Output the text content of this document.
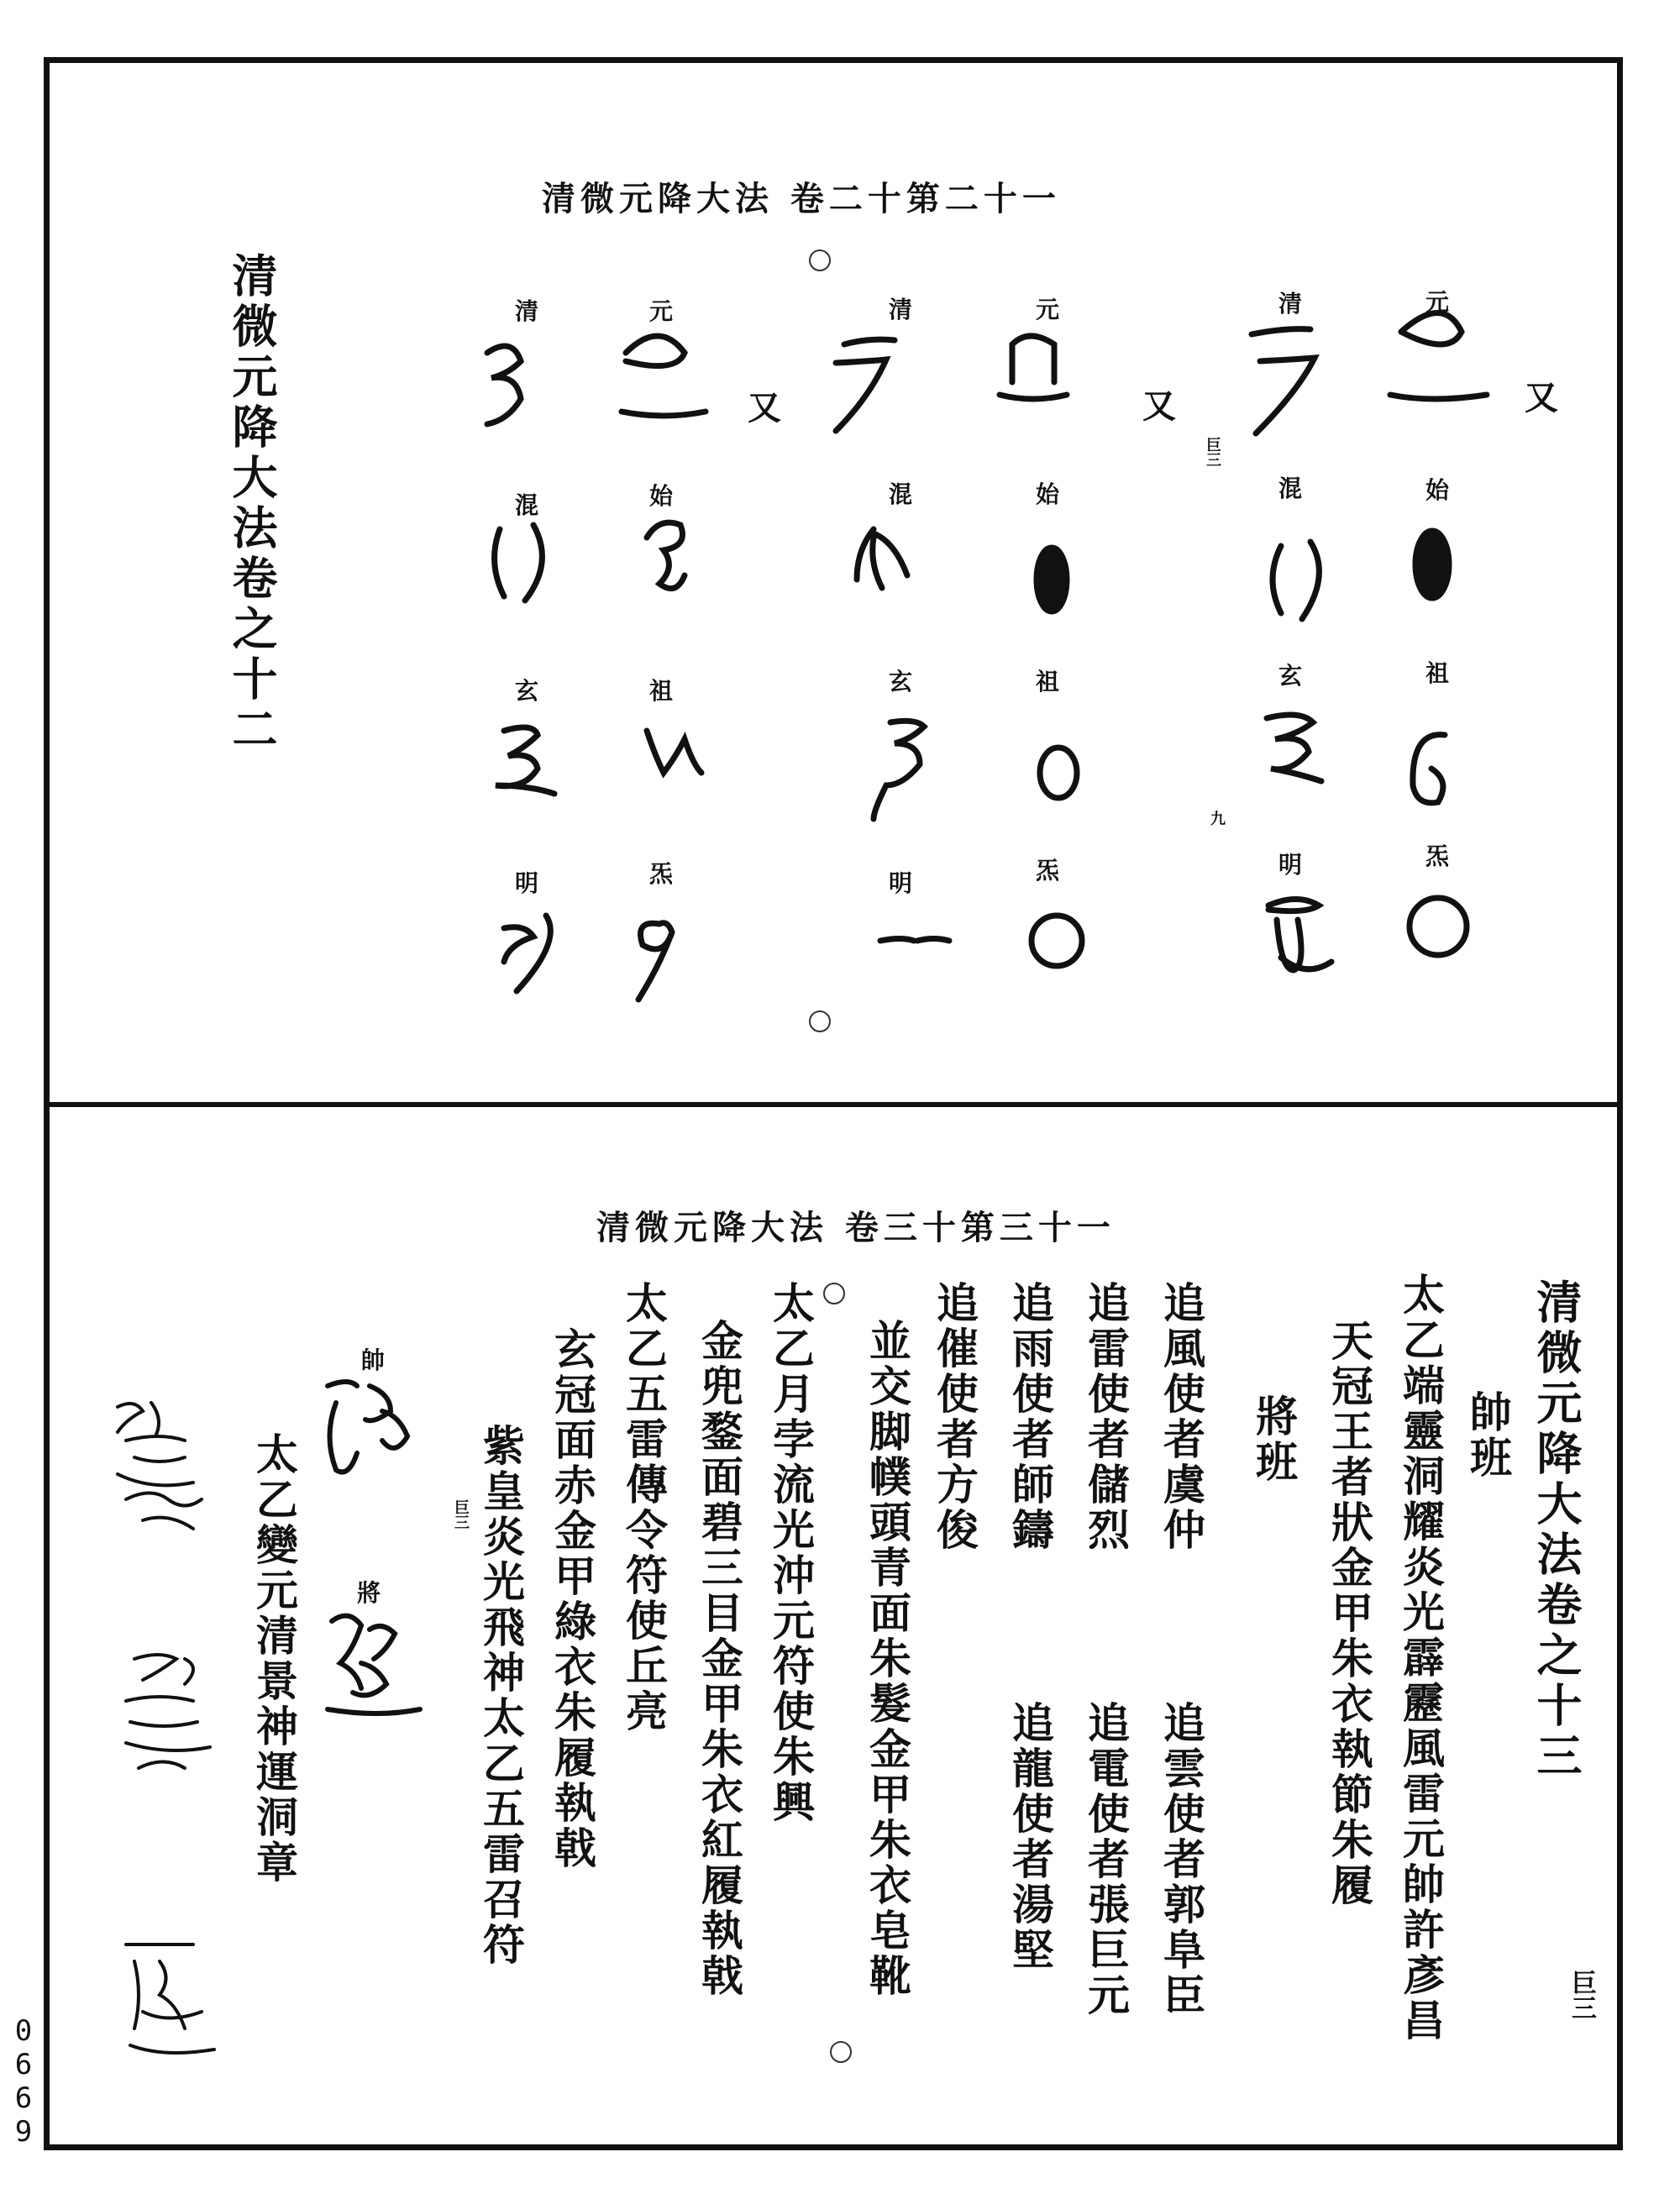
清微元降大法 卷二十第二十一
清微元降大法卷之十二	又
又
又
元
清
元
清
元
清
始
混
始
混
始
混
祖
玄
祖
玄
祖
玄
炁
明
炁
明
炁
明
巨三
九
清微元降大法 卷三十第三十一
清微元降大法卷之十三
太乙端靈洞耀炎光霹靂風雷元帥許彥昌 帥班
天冠王者狀金甲朱衣執節朱履
將班
追風使者虞仲
追雲使者郭阜臣
追雷使者儲烈
追電使者張巨元
追雨使者師鑄
追龍使者湯堅
追催使者方俊
並交脚幞頭青面朱髮金甲朱衣皂靴
太乙月孛流光沖元符使朱興
金兜鍪面碧三目金甲朱衣紅履執戟
太乙五雷傳令符使丘亮
玄冠面赤金甲綠衣朱履執戟
紫皇炎光飛神太乙五雷召符
太乙變元清景神運洞章
巨三
巨三
帥
將
0669
